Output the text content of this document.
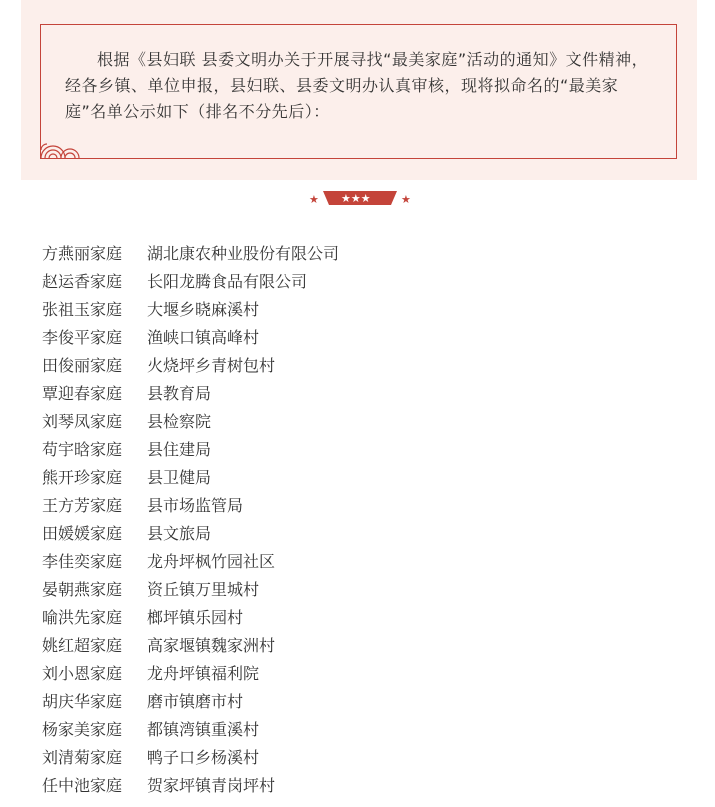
根据《县妇联 县委文明办关于开展寻找“最美家庭”活动的通知》文件精神，经各乡镇、单位申报，县妇联、县委文明办认真审核，现将拟命名的“最美家庭”名单公示如下（排名不分先后）：
★ ★★★	★
方燕丽家庭	湖北康农种业股份有限公司
赵运香家庭	长阳龙腾食品有限公司
张祖玉家庭	大堰乡晓麻溪村
李俊平家庭	渔峡口镇高峰村
田俊丽家庭	火烧坪乡青树包村
覃迎春家庭	县教育局
刘琴凤家庭	县检察院
苟宇晗家庭	县住建局
熊开珍家庭	县卫健局
王方芳家庭	县市场监管局
田媛媛家庭	县文旅局
李佳奕家庭	龙舟坪枫竹园社区
晏朝燕家庭	资丘镇万里城村
喻洪先家庭	榔坪镇乐园村
姚红超家庭	高家堰镇魏家洲村
刘小恩家庭	龙舟坪镇福利院
胡庆华家庭	磨市镇磨市村
杨家美家庭	都镇湾镇重溪村
刘清菊家庭	鸭子口乡杨溪村
任中池家庭	贺家坪镇青岗坪村
